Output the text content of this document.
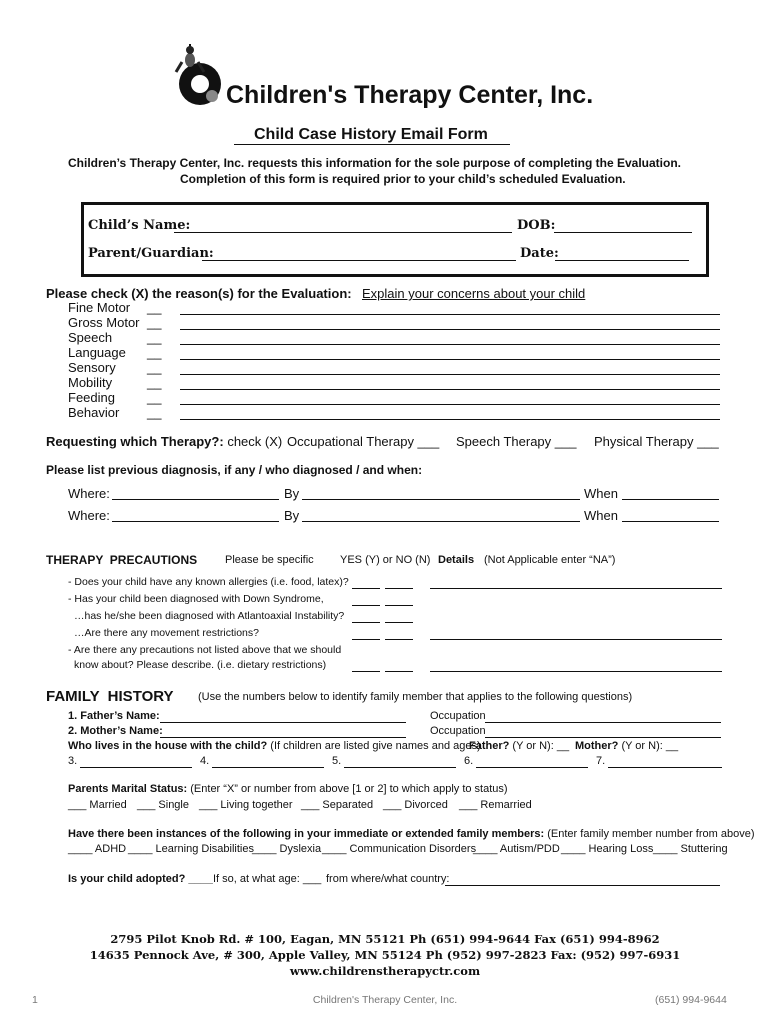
Children's Therapy Center, Inc.
Child Case History Email Form
Children’s Therapy Center, Inc. requests this information for the sole purpose of completing the Evaluation.
Completion of this form is required prior to your child’s scheduled Evaluation.
Child’s Name:	DOB:
Parent/Guardian:	Date:
Please check (X) the reason(s) for the Evaluation: Explain your concerns about your child
Fine Motor __
Gross Motor __
Speech	__
Language __
Sensory __
Mobility	__
Feeding __
Behavior __
Requesting which Therapy?: check (X) Occupational Therapy ___ Speech Therapy ___ Physical Therapy ___
Please list previous diagnosis, if any / who diagnosed / and when:
Where:	By	When
Where:	By	When
THERAPY  PRECAUTIONS	Please be specific YES (Y) or NO (N) Details (Not Applicable enter “NA”)
- Does your child have any known allergies (i.e. food, latex)?
- Has your child been diagnosed with Down Syndrome,
…has he/she been diagnosed with Atlantoaxial Instability?
…Are there any movement restrictions?
- Are there any precautions not listed above that we should
know about? Please describe. (i.e. dietary restrictions)
FAMILY  HISTORY (Use the numbers below to identify family member that applies to the following questions)
1. Father’s Name:	Occupation
2. Mother’s Name:	Occupation
Who lives in the house with the child? (If children are listed give names and ages)
Father? (Y or N): __ Mother? (Y or N): __
3.	4.	5.	6.	7.
Parents Marital Status: (Enter “X” or number from above [1 or 2] to which apply to status)
___ Married ___ Single ___ Living together ___ Separated ___ Divorced ___ Remarried
Have there been instances of the following in your immediate or extended family members: (Enter family member number from above)
____ ADHD ____ Learning Disabilities
____ Dyslexia ____ Communication Disorders
____ Autism/PDD ____ Hearing Loss ____ Stuttering
Is your child adopted? ____ If so, at what age: ___ from where/what country:
2795 Pilot Knob Rd. # 100, Eagan, MN 55121 Ph (651) 994-9644 Fax (651) 994-8962
14635 Pennock Ave, # 300, Apple Valley, MN 55124 Ph (952) 997-2823 Fax: (952) 997-6931
www.childrenstherapyctr.com
1	Children's Therapy Center, Inc.	(651) 994-9644
